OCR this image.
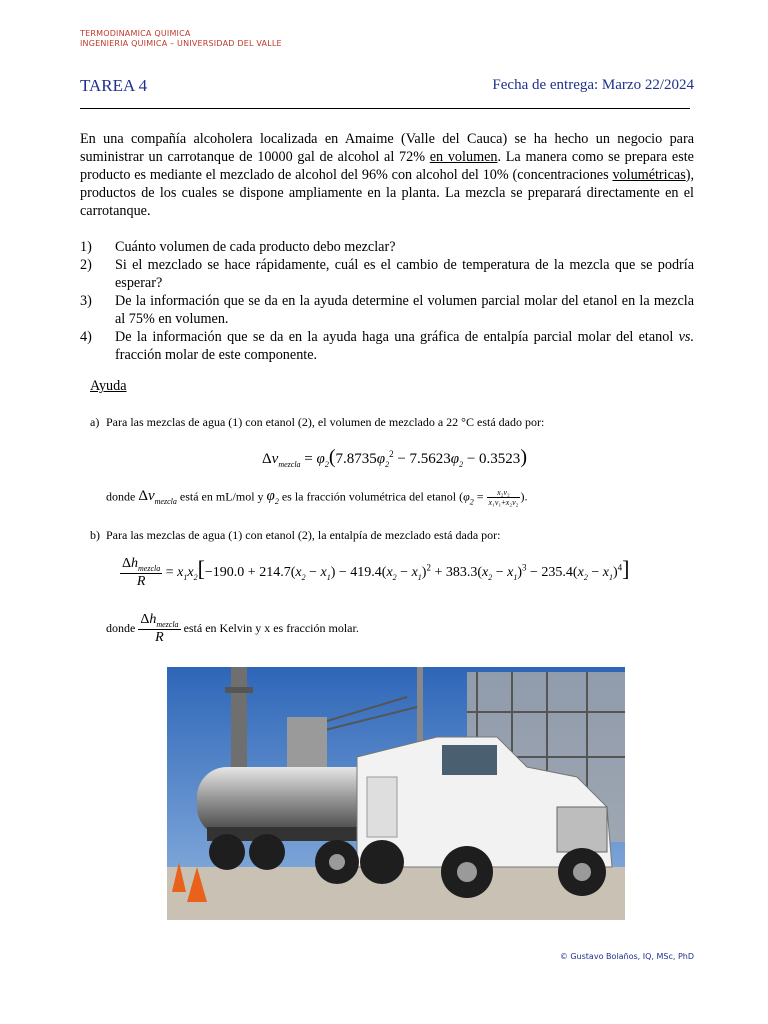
TERMODINAMICA QUIMICA
INGENIERIA QUIMICA – UNIVERSIDAD DEL VALLE
TAREA 4	Fecha de entrega: Marzo 22/2024
En una compañía alcoholera localizada en Amaime (Valle del Cauca) se ha hecho un negocio para suministrar un carrotanque de 10000 gal de alcohol al 72% en volumen. La manera como se prepara este producto es mediante el mezclado de alcohol del 96% con alcohol del 10% (concentraciones volumétricas), productos de los cuales se dispone ampliamente en la planta. La mezcla se preparará directamente en el carrotanque.
1)	Cuánto volumen de cada producto debo mezclar?
2)	Si el mezclado se hace rápidamente, cuál es el cambio de temperatura de la mezcla que se podría esperar?
3)	De la información que se da en la ayuda determine el volumen parcial molar del etanol en la mezcla al 75% en volumen.
4)	De la información que se da en la ayuda haga una gráfica de entalpía parcial molar del etanol vs. fracción molar de este componente.
Ayuda
a) Para las mezclas de agua (1) con etanol (2), el volumen de mezclado a 22 °C está dado por:
$\Delta v_{mezcla} = \varphi_2(7.8735\varphi_2^2 - 7.5623\varphi_2 - 0.3523)$
donde $\Delta v_{mezcla}$ está en mL/mol y $\varphi_2$ es la fracción volumétrica del etanol ($\varphi_2 = \frac{\text{x₂v₂}}{\text{x₁v₁+x₂v₂}}$ ).
b) Para las mezclas de agua (1) con etanol (2), la entalpía de mezclado está dada por:
$\frac{\Delta h_{mezcla}}{R} = x_1x_2[-190.0 + 214.7(x_2 - x_1) - 419.4(x_2 - x_1)^2 + 383.3(x_2 - x_1)^3 - 235.4(x_2 - x_1)^4]$
donde $\frac{\Delta h_{mezcla}}{R}$ está en Kelvin y x es fracción molar.
© Gustavo Bolaños, IQ, MSc, PhD
